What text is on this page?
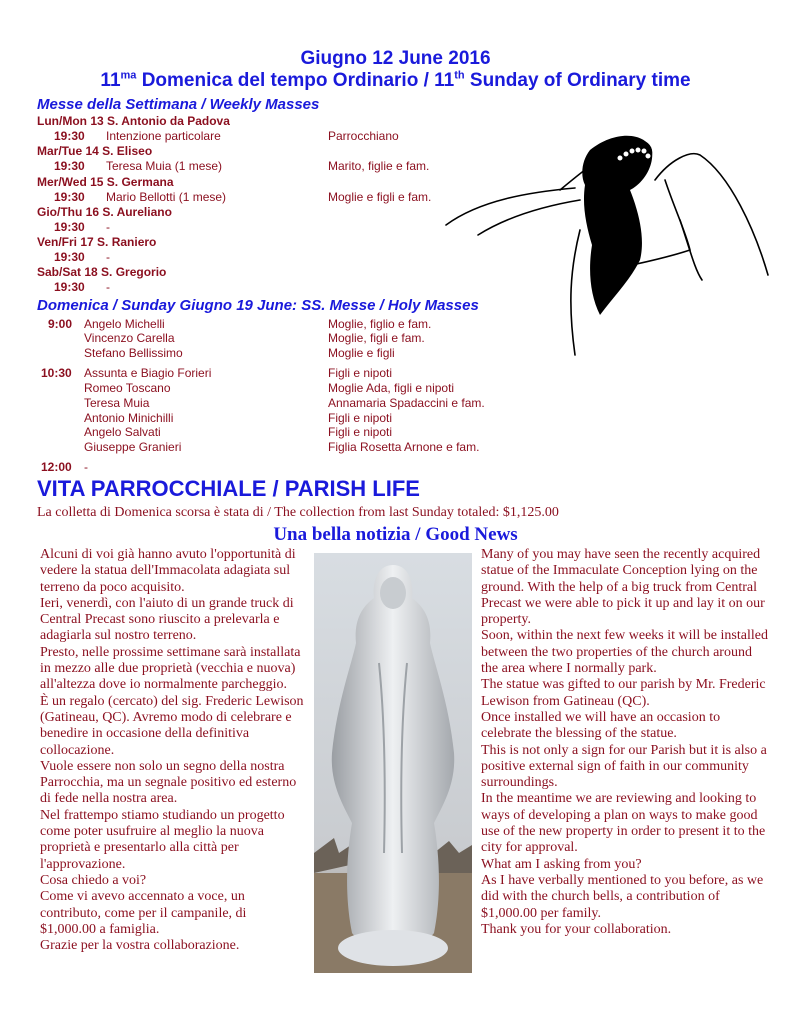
Giugno 12 June 2016
$11^{ma}$ Domenica del tempo Ordinario / 11th Sunday of Ordinary time
Messe della Settimana / Weekly Masses
Lun/Mon 13 S. Antonio da Padova
19:30 Intenzione particolare	Parrocchiano
Mar/Tue 14 S. Eliseo
19:30 Teresa Muia (1 mese)	Marito, figlie e fam.
Mer/Wed 15 S. Germana
19:30 Mario Bellotti (1 mese)	Moglie e figli e fam.
Gio/Thu 16 S. Aureliano
19:30 -
Ven/Fri 17 S. Raniero
19:30 -
Sab/Sat 18 S. Gregorio
19:30 -
Domenica / Sunday Giugno 19 June: SS. Messe / Holy Masses
9:00 Angelo Michelli	Moglie, figlio e fam.
Vincenzo Carella	Moglie, figli e fam.
Stefano Bellissimo	Moglie e figli
10:30 Assunta e Biagio Forieri	Figli e nipoti
Romeo Toscano	Moglie Ada, figli e nipoti
Teresa Muia	Annamaria Spadaccini e fam.
Antonio Minichilli	Figli e nipoti
Angelo Salvati	Figli e nipoti
Giuseppe Granieri	Figlia Rosetta Arnone e fam.
12:00 -
VITA PARROCCHIALE / PARISH LIFE
La colletta di Domenica scorsa è stata di / The collection from last Sunday totaled: $1,125.00
Una bella notizia / Good News

Alcuni di voi già hanno avuto l'opportunità di vedere la statua dell'Immacolata adagiata sul terreno da poco acquisito.

Ieri, venerdì, con l'aiuto di un grande truck di Central Precast sono riuscito a prelevarla e adagiarla sul nostro terreno.

Presto, nelle prossime settimane sarà installata in mezzo alle due proprietà (vecchia e nuova) all'altezza dove io normalmente parcheggio.

È un regalo (cercato) del sig. Frederic Lewison (Gatineau, QC). Avremo modo di celebrare e benedire in occasione della definitiva collocazione.

Vuole essere non solo un segno della nostra Parrocchia, ma un segnale positivo ed esterno di fede nella nostra area.

Nel frattempo stiamo studiando un progetto come poter usufruire al meglio la nuova proprietà e presentarlo alla città per l'approvazione.

Cosa chiedo a voi?

Come vi avevo accennato a voce, un contributo, come per il campanile, di $1,000.00 a famiglia.

Grazie per la vostra collaborazione.

Many of you may have seen the recently acquired statue of the Immaculate Conception lying on the ground. With the help of a big truck from Central Precast we were able to pick it up and lay it on our property.

Soon, within the next few weeks it will be installed between the two properties of the church around the area where I normally park.

The statue was gifted to our parish by Mr. Frederic Lewison from Gatineau (QC).

Once installed we will have an occasion to celebrate the blessing of the statue.

This is not only a sign for our Parish but it is also a positive external sign of faith in our community surroundings.

In the meantime we are reviewing and looking to ways of developing a plan on ways to make good use of the new property in order to present it to the city for approval.

What am I asking from you?

As I have verbally mentioned to you before, as we did with the church bells, a contribution of $1,000.00 per family.

Thank you for your collaboration.
